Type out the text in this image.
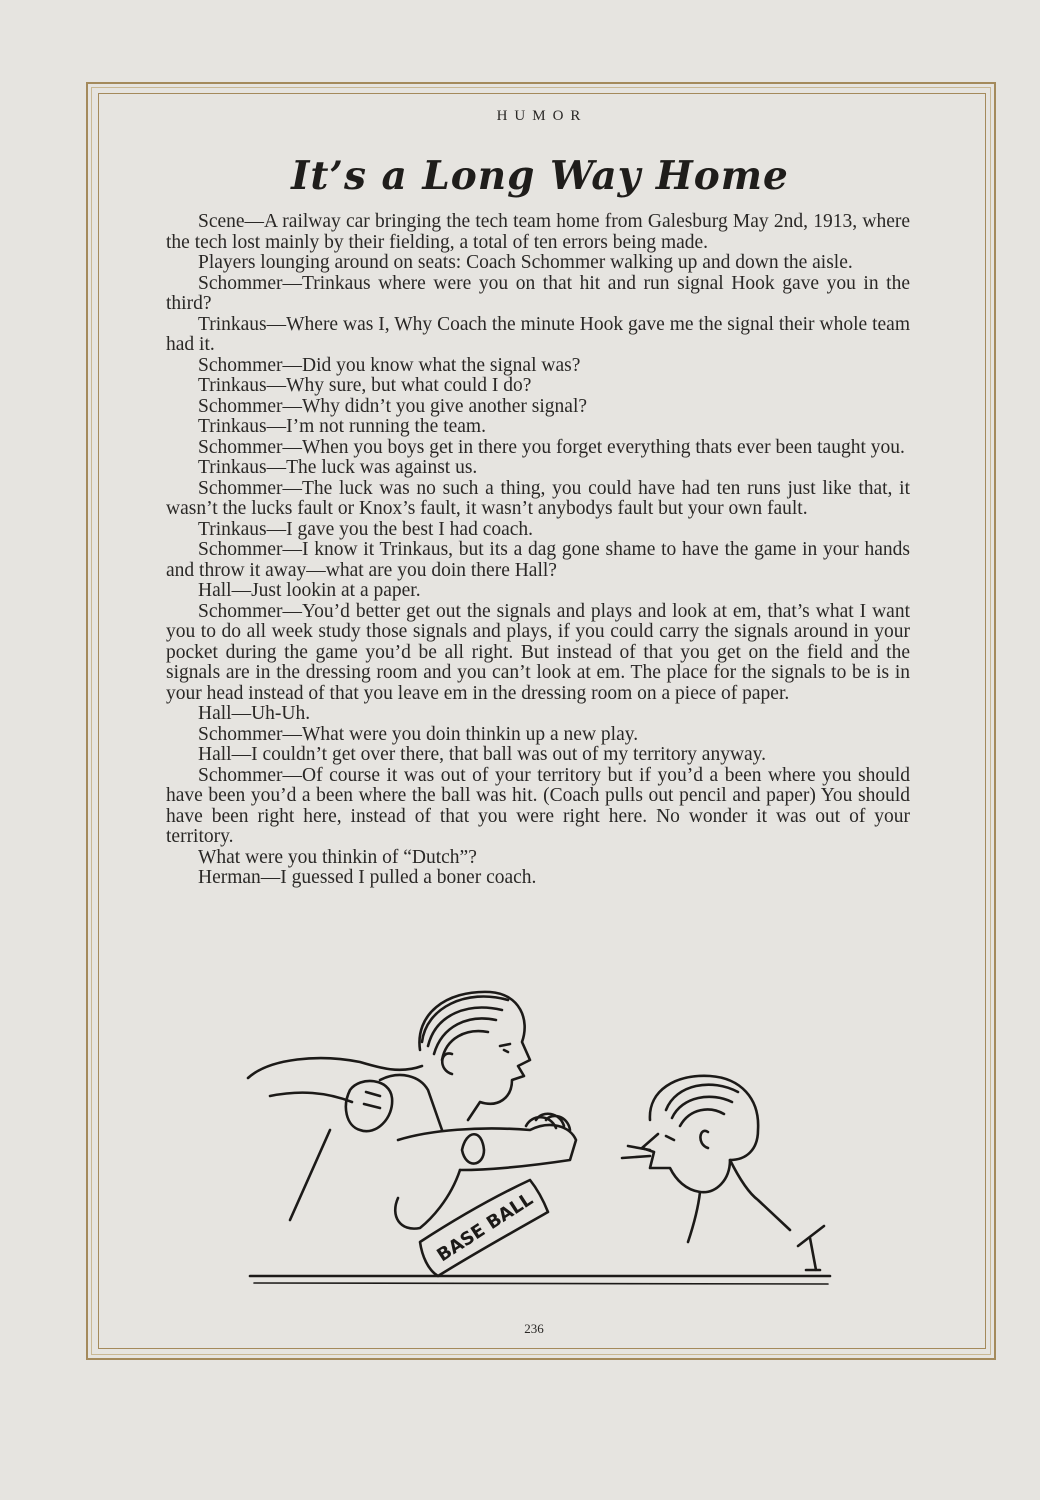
HUMOR
It’s a Long Way Home

Scene—A railway car bringing the tech team home from Galesburg May 2nd, 1913, where the tech lost mainly by their fielding, a total of ten errors being made.

Players lounging around on seats: Coach Schommer walking up and down the aisle.

Schommer—Trinkaus where were you on that hit and run signal Hook gave you in the third?

Trinkaus—Where was I, Why Coach the minute Hook gave me the signal their whole team had it.

Schommer—Did you know what the signal was?

Trinkaus—Why sure, but what could I do?

Schommer—Why didn’t you give another signal?

Trinkaus—I’m not running the team.

Schommer—When you boys get in there you forget everything thats ever been taught you.

Trinkaus—The luck was against us.

Schommer—The luck was no such a thing, you could have had ten runs just like that, it wasn’t the lucks fault or Knox’s fault, it wasn’t anybodys fault but your own fault.

Trinkaus—I gave you the best I had coach.

Schommer—I know it Trinkaus, but its a dag gone shame to have the game in your hands and throw it away—what are you doin there Hall?

Hall—Just lookin at a paper.

Schommer—You’d better get out the signals and plays and look at em, that’s what I want you to do all week study those signals and plays, if you could carry the signals around in your pocket during the game you’d be all right. But instead of that you get on the field and the signals are in the dressing room and you can’t look at em. The place for the signals to be is in your head instead of that you leave em in the dressing room on a piece of paper.

Hall—Uh-Uh.

Schommer—What were you doin thinkin up a new play.

Hall—I couldn’t get over there, that ball was out of my territory anyway.

Schommer—Of course it was out of your territory but if you’d a been where you should have been you’d a been where the ball was hit. (Coach pulls out pencil and paper) You should have been right here, instead of that you were right here. No wonder it was out of your territory.

What were you thinkin of “Dutch”?

Herman—I guessed I pulled a boner coach.

BASE BALL
236
